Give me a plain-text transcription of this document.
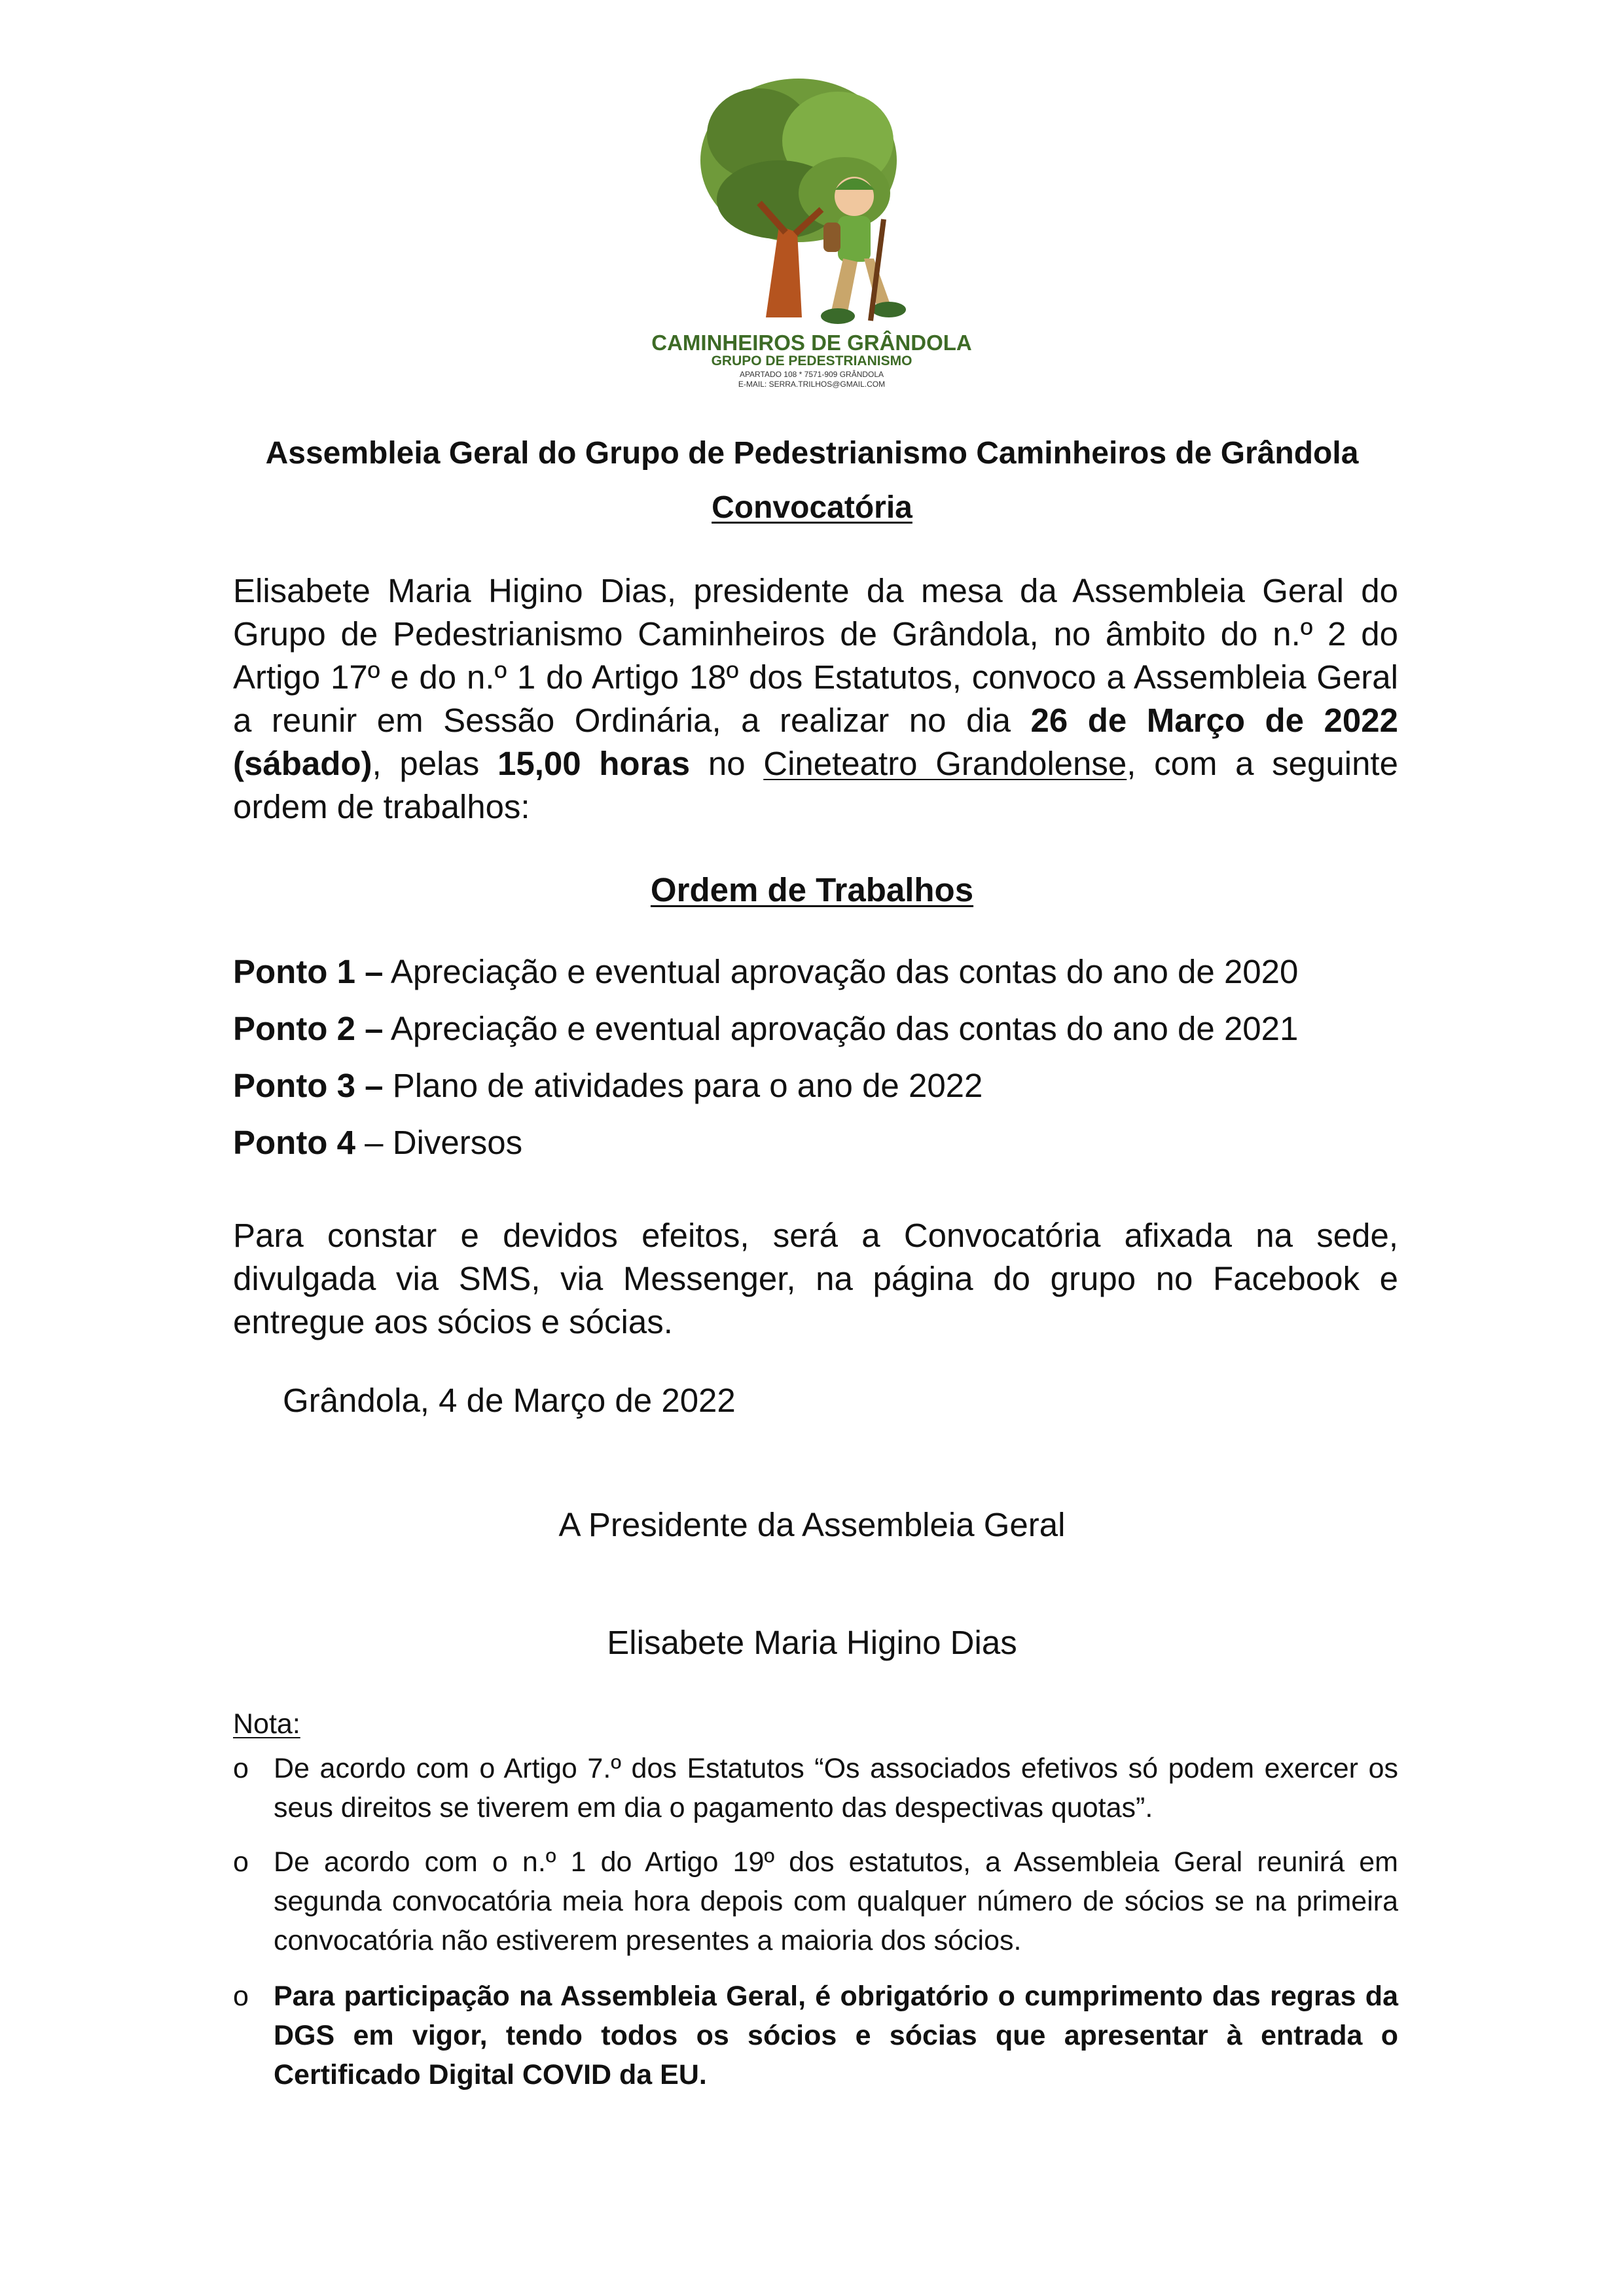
CAMINHEIROS DE GRÂNDOLA
GRUPO DE PEDESTRIANISMO
APARTADO 108 * 7571-909 GRÂNDOLA
E-MAIL: SERRA.TRILHOS@GMAIL.COM
Assembleia Geral do Grupo de Pedestrianismo Caminheiros de Grândola
Convocatória
Elisabete Maria Higino Dias, presidente da mesa da Assembleia Geral do Grupo de Pedestrianismo Caminheiros de Grândola, no âmbito do n.º 2 do Artigo 17º e do n.º 1 do Artigo 18º dos Estatutos, convoco a Assembleia Geral a reunir em Sessão Ordinária, a realizar no dia 26 de Março de 2022 (sábado), pelas 15,00 horas no Cineteatro Grandolense, com a seguinte ordem de trabalhos:
Ordem de Trabalhos
Ponto 1 – Apreciação e eventual aprovação das contas do ano de 2020
Ponto 2 – Apreciação e eventual aprovação das contas do ano de 2021
Ponto 3 – Plano de atividades para o ano de 2022
Ponto 4 – Diversos
Para constar e devidos efeitos, será a Convocatória afixada na sede, divulgada via SMS, via Messenger, na página do grupo no Facebook e entregue aos sócios e sócias.
Grândola, 4 de Março de 2022
A Presidente da Assembleia Geral
Elisabete Maria Higino Dias
Nota:
o De acordo com o Artigo 7.º dos Estatutos “Os associados efetivos só podem exercer os seus direitos se tiverem em dia o pagamento das despectivas quotas”.
o De acordo com o n.º 1 do Artigo 19º dos estatutos, a Assembleia Geral reunirá em segunda convocatória meia hora depois com qualquer número de sócios se na primeira convocatória não estiverem presentes a maioria dos sócios.
o Para participação na Assembleia Geral, é obrigatório o cumprimento das regras da DGS em vigor, tendo todos os sócios e sócias que apresentar à entrada o Certificado Digital COVID da EU.
